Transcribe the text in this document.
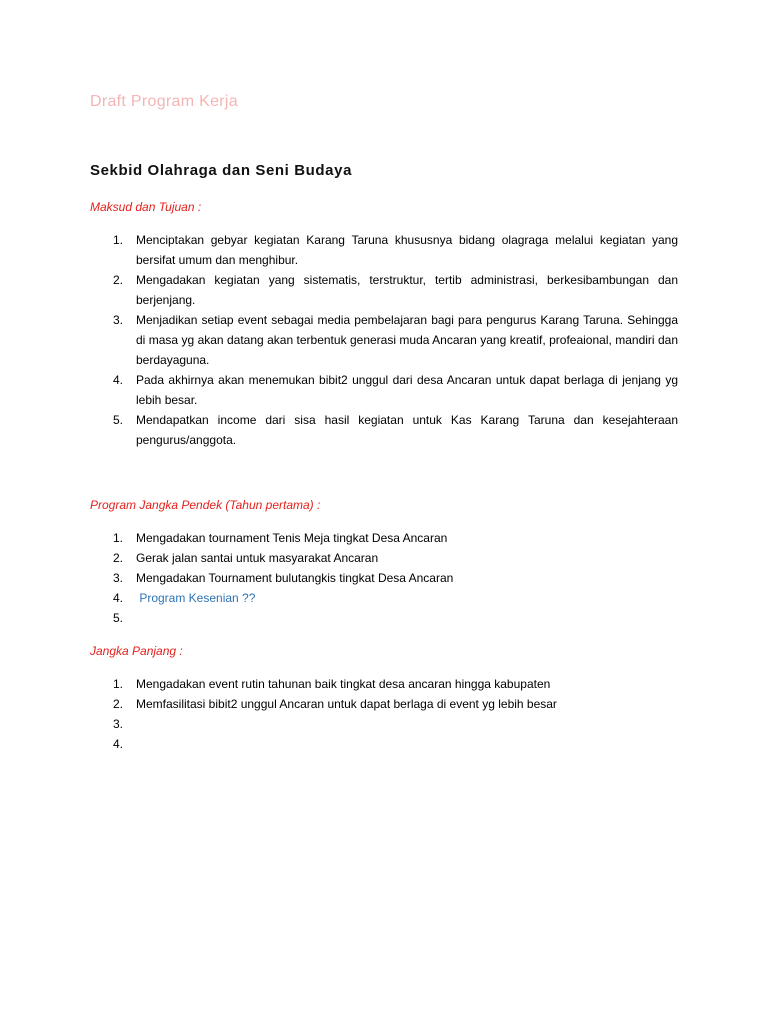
Draft Program Kerja
Sekbid Olahraga dan Seni Budaya
Maksud dan Tujuan :
1.	Menciptakan gebyar kegiatan Karang Taruna khususnya bidang olagraga melalui kegiatan yang bersifat umum dan menghibur.
2.	Mengadakan kegiatan yang sistematis, terstruktur, tertib administrasi, berkesibambungan dan berjenjang.
3.	Menjadikan setiap event sebagai media pembelajaran bagi para pengurus Karang Taruna. Sehingga di masa yg akan datang akan terbentuk generasi muda Ancaran yang kreatif, profeaional, mandiri dan berdayaguna.
4.	Pada akhirnya akan menemukan bibit2 unggul dari desa Ancaran untuk dapat berlaga di jenjang yg lebih besar.
5.	Mendapatkan income dari sisa hasil kegiatan untuk Kas Karang Taruna dan kesejahteraan pengurus/anggota.
Program Jangka Pendek (Tahun pertama) :
1.	Mengadakan tournament Tenis Meja tingkat Desa Ancaran
2.	Gerak jalan santai untuk masyarakat Ancaran
3.	Mengadakan Tournament bulutangkis tingkat Desa Ancaran
4.	Program Kesenian ??
5.

Jangka Panjang :
1.	Mengadakan event rutin tahunan baik tingkat desa ancaran hingga kabupaten
2.	Memfasilitasi bibit2 unggul Ancaran untuk dapat berlaga di event yg lebih besar
3.

4.
